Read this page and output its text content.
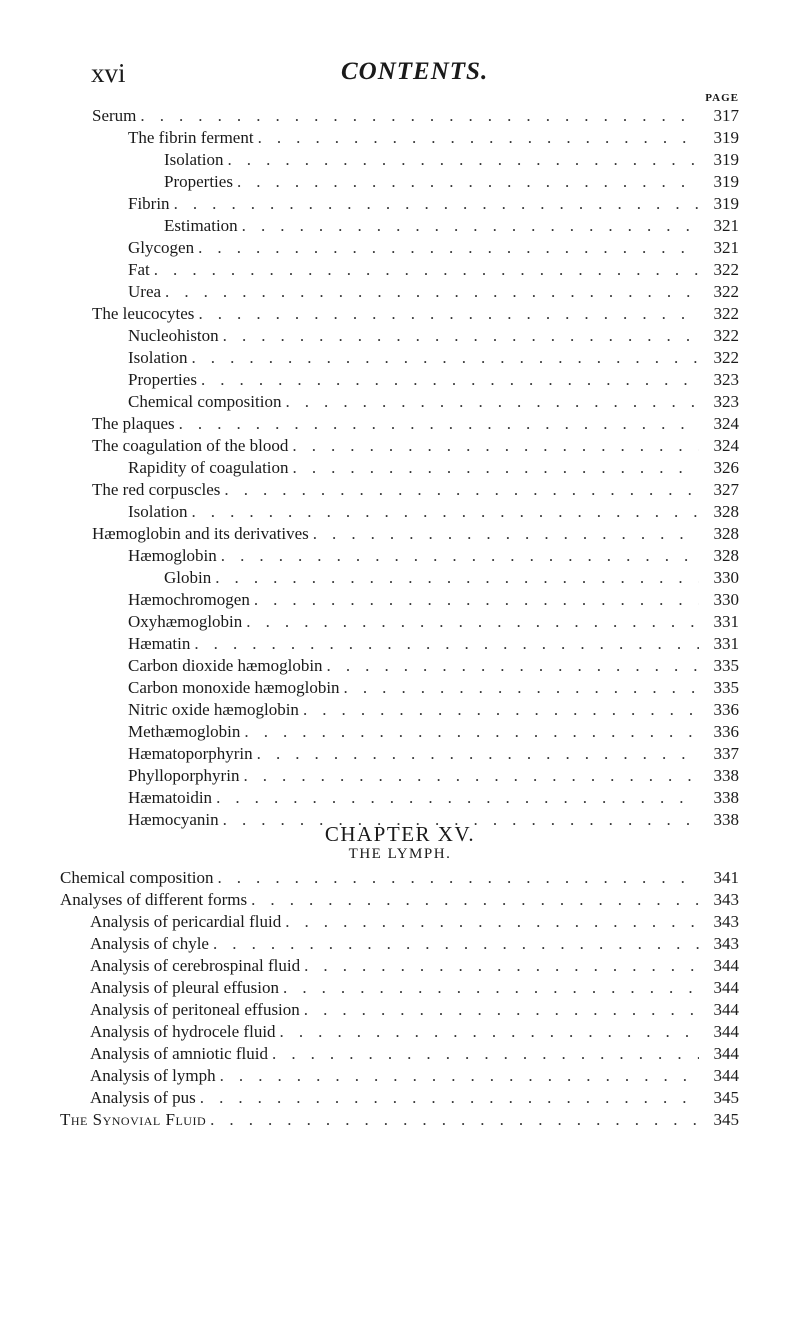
xvi	CONTENTS.
PAGE
Serum . . .	317
The fibrin ferment . . .	319
Isolation . . .	319
Properties . . .	319
Fibrin . . .	319
Estimation . . .	321
Glycogen . . .	321
Fat . . .	322
Urea . . .	322
The leucocytes . . .	322
Nucleohiston . . .	322
Isolation . . .	322
Properties . . .	323
Chemical composition . . .	323
The plaques . . .	324
The coagulation of the blood . . .	324
Rapidity of coagulation . . .	326
The red corpuscles . . .	327
Isolation . . .	328
Hæmoglobin and its derivatives . . .	328
Hæmoglobin . . .	328
Globin . . .	330
Hæmochromogen . . .	330
Oxyhæmoglobin . . .	331
Hæmatin . . .	331
Carbon dioxide hæmoglobin . . .	335
Carbon monoxide hæmoglobin . . .	335
Nitric oxide hæmoglobin . . .	336
Methæmoglobin . . .	336
Hæmatoporphyrin . . .	337
Phylloporphyrin . . .	338
Hæmatoidin . . .	338
Hæmocyanin . . .	338
CHAPTER XV.
THE LYMPH.
Chemical composition . . .	341
Analyses of different forms . . .	343
Analysis of pericardial fluid . . .	343
Analysis of chyle . . .	343
Analysis of cerebrospinal fluid . . .	344
Analysis of pleural effusion . . .	344
Analysis of peritoneal effusion . . .	344
Analysis of hydrocele fluid . . .	344
Analysis of amniotic fluid . . .	344
Analysis of lymph . . .	344
Analysis of pus . . .	345
The Synovial Fluid . . .	345
